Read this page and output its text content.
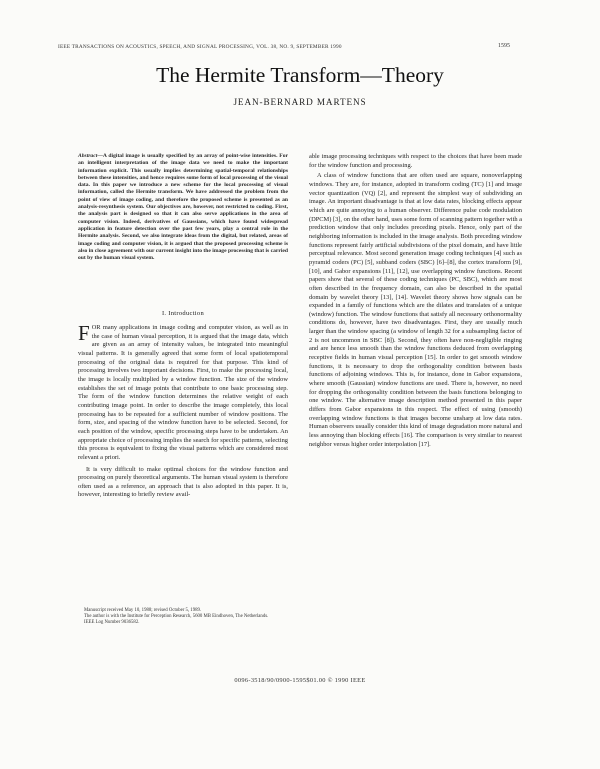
IEEE TRANSACTIONS ON ACOUSTICS, SPEECH, AND SIGNAL PROCESSING, VOL. 38, NO. 9, SEPTEMBER 1990	1595
The Hermite Transform—Theory
JEAN-BERNARD MARTENS

Abstract—A digital image is usually specified by an array of point-wise intensities. For an intelligent interpretation of the image data we need to make the important information explicit. This usually implies determining spatial-temporal relationships between these intensities, and hence requires some form of local processing of the visual data. In this paper we introduce a new scheme for the local processing of visual information, called the Hermite transform. We have addressed the problem from the point of view of image coding, and therefore the proposed scheme is presented as an analysis-resynthesis system. Our objectives are, however, not restricted to coding. First, the analysis part is designed so that it can also serve applications in the area of computer vision. Indeed, derivatives of Gaussians, which have found widespread application in feature detection over the past few years, play a central role in the Hermite analysis. Second, we also integrate ideas from the digital, but related, areas of image coding and computer vision, it is argued that the proposed processing scheme is also in close agreement with our current insight into the image processing that is carried out by the human visual system.

I. Introduction

FOR many applications in image coding and computer vision, as well as in the case of human visual perception, it is argued that the image data, which are given as an array of intensity values, be integrated into meaningful visual patterns. It is generally agreed that some form of local spatiotemporal processing of the original data is required for that purpose. This kind of processing involves two important decisions. First, to make the processing local, the image is locally multiplied by a window function. The size of the window establishes the set of image points that contribute to one basic processing step. The form of the window function determines the relative weight of each contributing image point. In order to describe the image completely, this local processing has to be repeated for a sufficient number of window positions. The form, size, and spacing of the window function have to be selected. Second, for each position of the window, specific processing steps have to be undertaken. An appropriate choice of processing implies the search for specific patterns, selecting this process is equivalent to fixing the visual patterns which are considered most relevant a priori.

It is very difficult to make optimal choices for the window function and processing on purely theoretical arguments. The human visual system is therefore often used as a reference, an approach that is also adopted in this paper. It is, however, interesting to briefly review avail-

Manuscript received May 10, 1988; revised October 5, 1989.
The author is with the Institute for Perception Research, 5600 MB Eindhoven, The Netherlands.
IEEE Log Number 9036582.

able image processing techniques with respect to the choices that have been made for the window function and processing.

A class of window functions that are often used are square, nonoverlapping windows. They are, for instance, adopted in transform coding (TC) [1] and image vector quantization (VQ) [2], and represent the simplest way of subdividing an image. An important disadvantage is that at low data rates, blocking effects appear which are quite annoying to a human observer. Difference pulse code modulation (DPCM) [3], on the other hand, uses some form of scanning pattern together with a prediction window that only includes preceding pixels. Hence, only part of the neighboring information is included in the image analysis. Both preceding window functions represent fairly artificial subdivisions of the pixel domain, and have little perceptual relevance. Most second generation image coding techniques [4] such as pyramid coders (PC) [5], subband coders (SBC) [6]–[8], the cortex transform [9], [10], and Gabor expansions [11], [12], use overlapping window functions. Recent papers show that several of these coding techniques (PC, SBC), which are most often described in the frequency domain, can also be described in the spatial domain by wavelet theory [13], [14]. Wavelet theory shows how signals can be expanded in a family of functions which are the dilates and translates of a unique (window) function. The window functions that satisfy all necessary orthonormality conditions do, however, have two disadvantages. First, they are usually much larger than the window spacing (a window of length 32 for a subsampling factor of 2 is not uncommon in SBC [8]). Second, they often have non-negligible ringing and are hence less smooth than the window functions deduced from overlapping receptive fields in human visual perception [15]. In order to get smooth window functions, it is necessary to drop the orthogonality condition between basis functions of adjoining windows. This is, for instance, done in Gabor expansions, where smooth (Gaussian) window functions are used. There is, however, no need for dropping the orthogonality condition between the basis functions belonging to one window. The alternative image description method presented in this paper differs from Gabor expansions in this respect. The effect of using (smooth) overlapping window functions is that images become unsharp at low data rates. Human observers usually consider this kind of image degradation more natural and less annoying than blocking effects [16]. The comparison is very similar to nearest neighbor versus higher order interpolation [17].

0096-3518/90/0900-1595$01.00 © 1990 IEEE
